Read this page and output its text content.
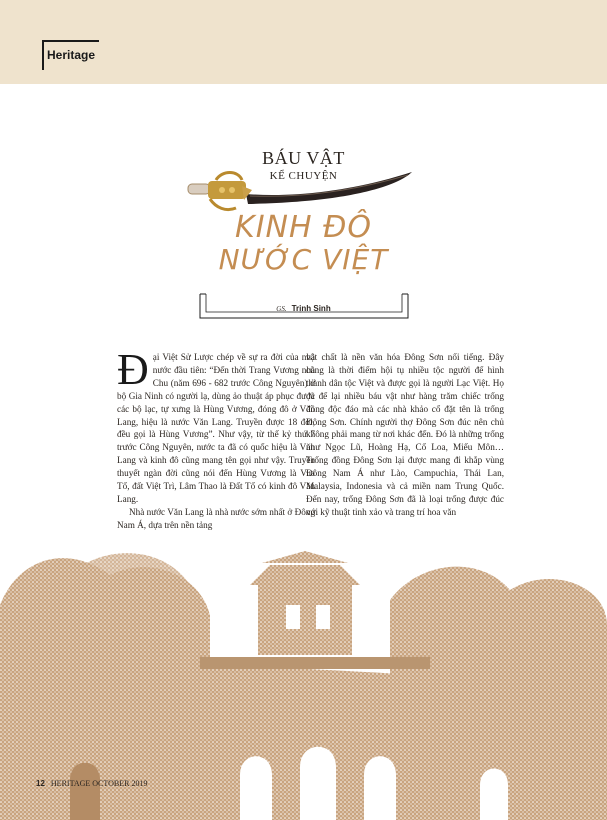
Heritage
BÁU VẬT
KỂ CHUYỆN
KINH ĐÔ
NƯỚC VIỆT
GS. Trịnh Sinh

Đ ại Việt Sử Lược chép về sự ra đời của nhà nước đầu tiên: “Đến thời Trang Vương nhà Chu (năm 696 - 682 trước Công Nguyên) ở bộ Gia Ninh có người lạ, dùng ảo thuật áp phục được các bộ lạc, tự xưng là Hùng Vương, đóng đô ở Văn Lang, hiệu là nước Văn Lang. Truyền được 18 đời, đều gọi là Hùng Vương”. Như vậy, từ thế kỷ thứ 7 trước Công Nguyên, nước ta đã có quốc hiệu là Văn Lang và kinh đô cũng mang tên gọi như vậy. Truyền thuyết ngàn đời cũng nói đến Hùng Vương là Vua Tổ, đất Việt Trì, Lâm Thao là Đất Tổ có kinh đô Văn Lang.

Nhà nước Văn Lang là nhà nước sớm nhất ở Đông Nam Á, dựa trên nền tảng

vật chất là nền văn hóa Đông Sơn nổi tiếng. Đây cũng là thời điểm hội tụ nhiều tộc người để hình thành dân tộc Việt và được gọi là người Lạc Việt. Họ đã để lại nhiều báu vật như hàng trăm chiếc trống đồng độc đáo mà các nhà khảo cổ đặt tên là trống Đông Sơn. Chính người thợ Đông Sơn đúc nên chủ không phải mang từ nơi khác đến. Đó là những trống như Ngọc Lũ, Hoàng Hạ, Cổ Loa, Miếu Môn… Trống đồng Đông Sơn lại được mang đi khắp vùng Đông Nam Á như Lào, Campuchia, Thái Lan, Malaysia, Indonesia và cả miền nam Trung Quốc. Đến nay, trống Đông Sơn đã là loại trống được đúc với kỹ thuật tinh xảo và trang trí hoa văn

12 HERITAGE OCTOBER 2019
